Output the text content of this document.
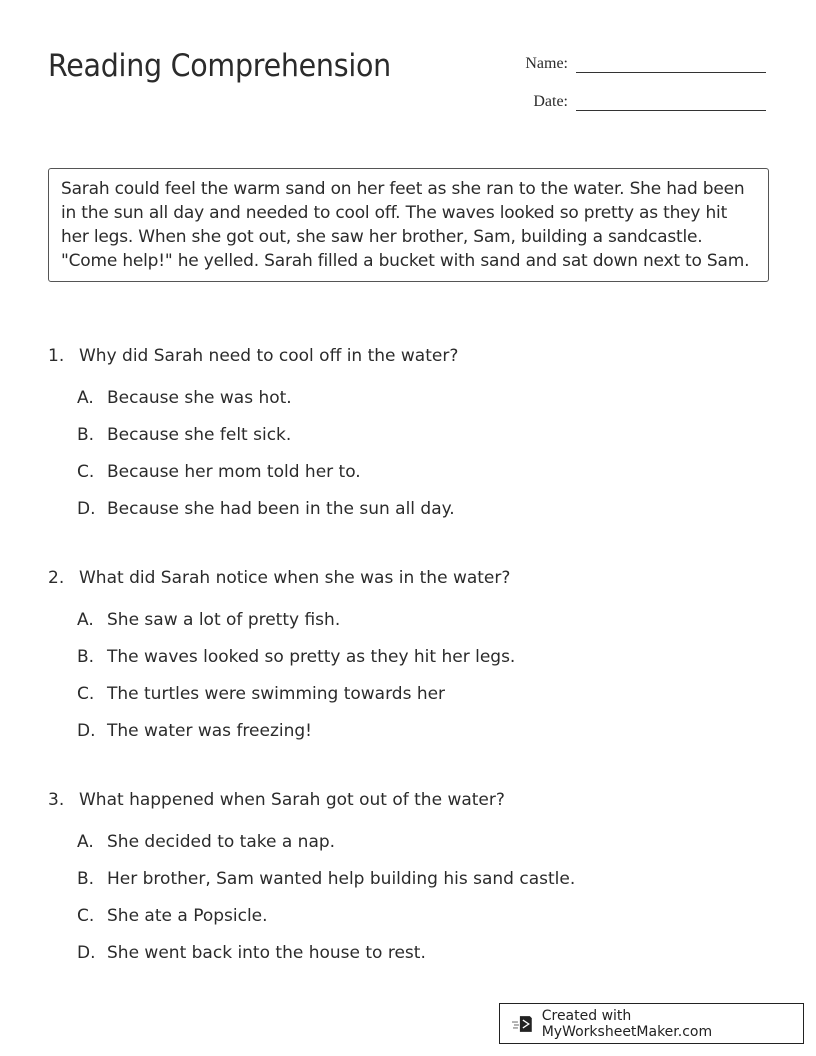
Reading Comprehension	Name:
Date:
Sarah could feel the warm sand on her feet as she ran to the water. She had been in the sun all day and needed to cool off. The waves looked so pretty as they hit her legs. When she got out, she saw her brother, Sam, building a sandcastle. "Come help!" he yelled. Sarah filled a bucket with sand and sat down next to Sam.
1. Why did Sarah need to cool off in the water?
A. Because she was hot.
B. Because she felt sick.
C. Because her mom told her to.
D. Because she had been in the sun all day.
2. What did Sarah notice when she was in the water?
A. She saw a lot of pretty fish.
B. The waves looked so pretty as they hit her legs.
C. The turtles were swimming towards her
D. The water was freezing!
3. What happened when Sarah got out of the water?
A. She decided to take a nap.
B. Her brother, Sam wanted help building his sand castle.
C. She ate a Popsicle.
D. She went back into the house to rest.
Created with MyWorksheetMaker.com
